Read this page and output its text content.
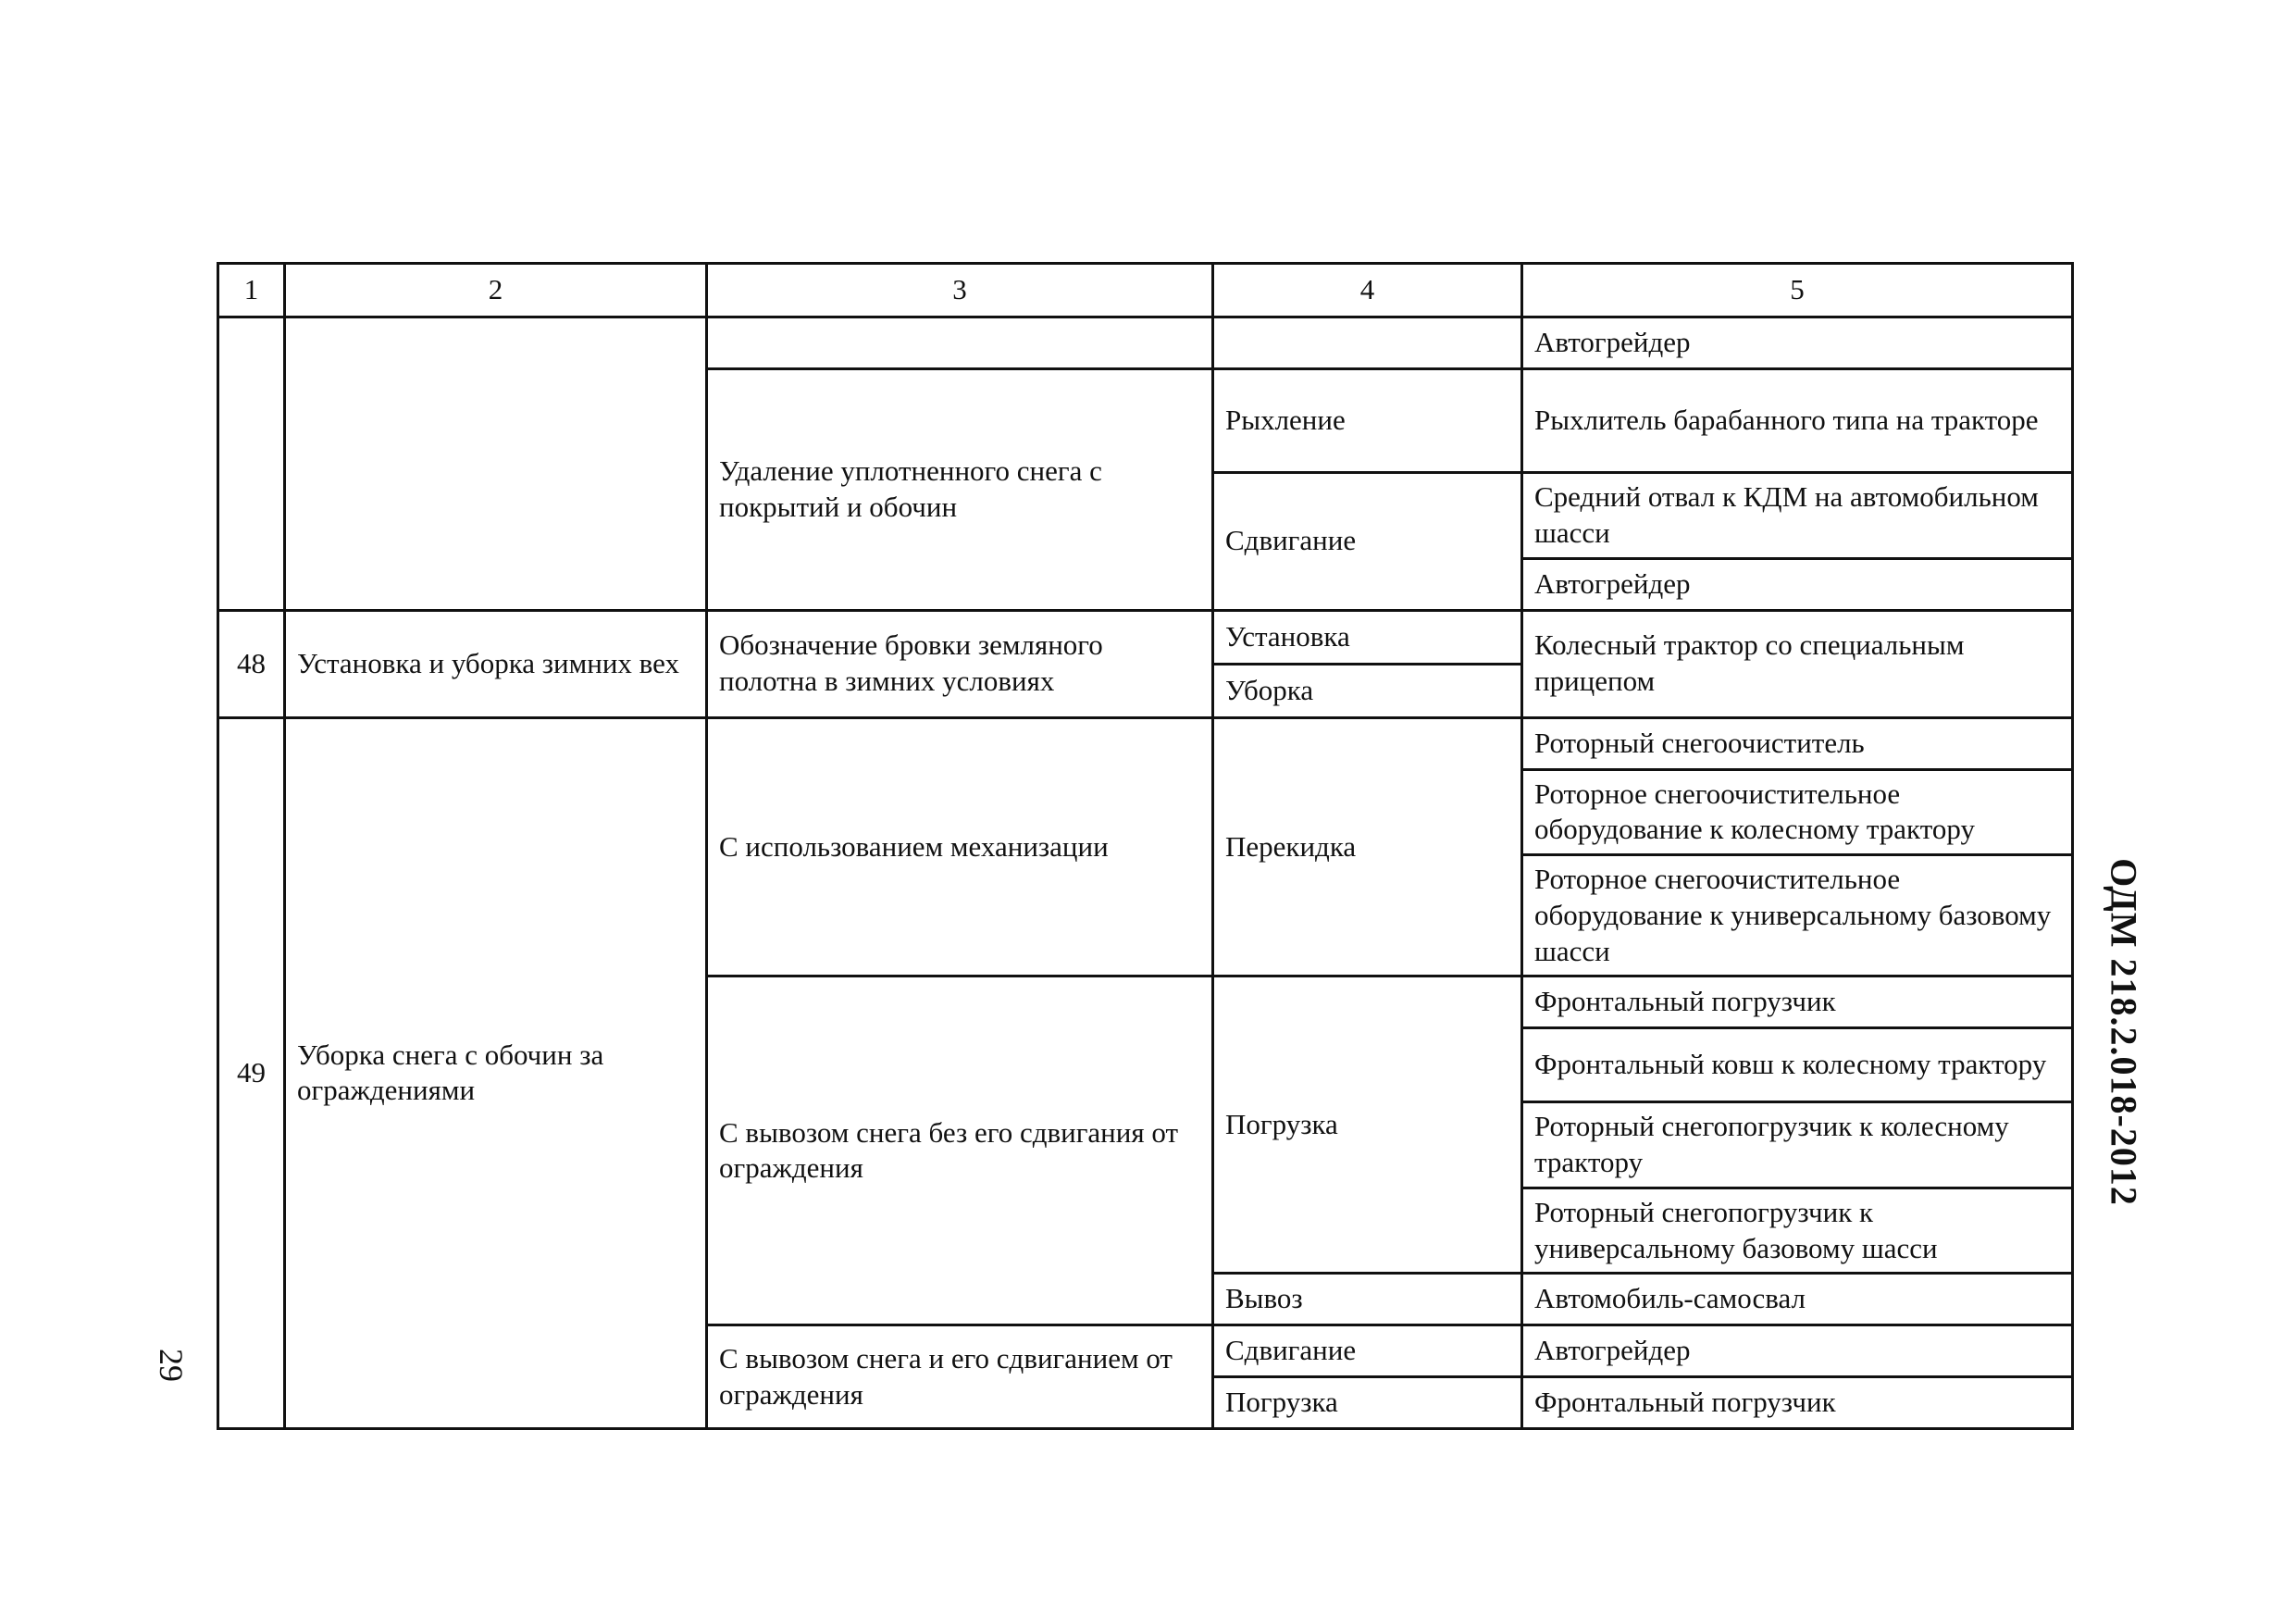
1	2	3	4	5
				Автогрейдер
		Удаление уплотненного снега с покрытий и обочин	Рыхление	Рыхлитель барабанного типа на тракторе
			Сдвигание	Средний отвал к КДМ на автомобильном шасси
				Автогрейдер
48	Установка и уборка зимних вех	Обозначение бровки земляного полотна в зимних условиях	Установка	Колесный трактор со специальным прицепом
			Уборка	
49	Уборка снега с обочин за ограждениями	С использованием механизации	Перекидка	Роторный снегоочиститель
				Роторное снегоочистительное оборудование к колесному трактору
				Роторное снегоочистительное оборудование к универсальному базовому шасси
		С вывозом снега без его сдвигания от ограждения	Погрузка	Фронтальный погрузчик
				Фронтальный ковш к колесному трактору
				Роторный снегопогрузчик к колесному трактору
				Роторный снегопогрузчик к универсальному базовому шасси
			Вывоз	Автомобиль-самосвал
		С вывозом снега и его сдвиганием от ограждения	Сдвигание	Автогрейдер
			Погрузка	Фронтальный погрузчик
ОДМ 218.2.018-2012
29
